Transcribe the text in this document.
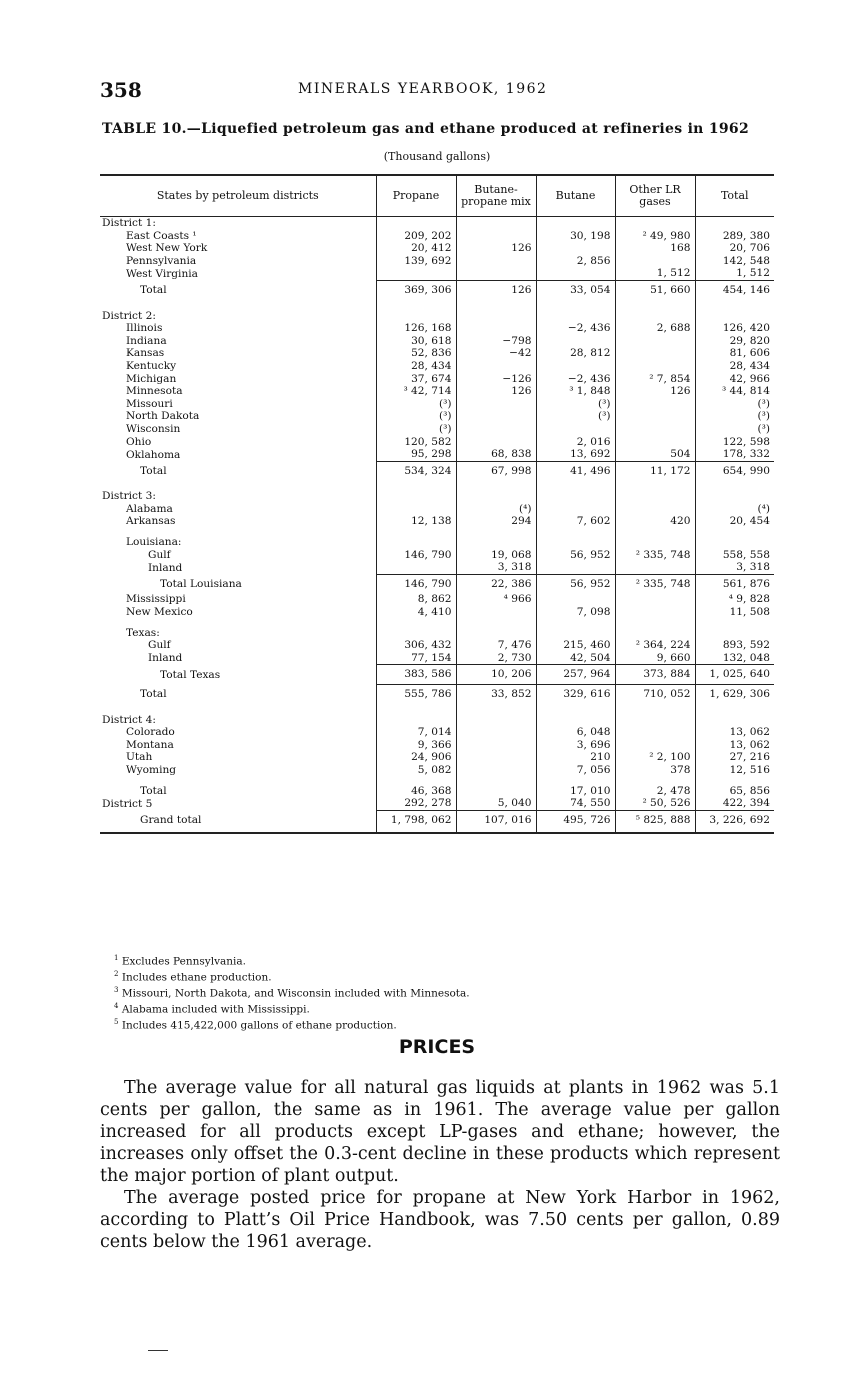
358	MINERALS YEARBOOK, 1962
TABLE 10.—Liquefied petroleum gas and ethane produced at refineries in 1962
(Thousand gallons)
States by petroleum districts	Propane	Butane-propane mix	Butane	Other LR gases	Total
District 1:					
East Coasts ¹	209, 202		30, 198	² 49, 980	289, 380
West New York	20, 412	126		168	20, 706
Pennsylvania	139, 692		2, 856		142, 548
West Virginia				1, 512	1, 512
Total	369, 306	126	33, 054	51, 660	454, 146
District 2:					
Illinois	126, 168		−2, 436	2, 688	126, 420
Indiana	30, 618	−798			29, 820
Kansas	52, 836	−42	28, 812		81, 606
Kentucky	28, 434				28, 434
Michigan	37, 674	−126	−2, 436	² 7, 854	42, 966
Minnesota	³ 42, 714	126	³ 1, 848	126	³ 44, 814
Missouri	(³)		(³)		(³)
North Dakota	(³)		(³)		(³)
Wisconsin	(³)				(³)
Ohio	120, 582		2, 016		122, 598
Oklahoma	95, 298	68, 838	13, 692	504	178, 332
Total	534, 324	67, 998	41, 496	11, 172	654, 990
District 3:					
Alabama		(⁴)			(⁴)
Arkansas	12, 138	294	7, 602	420	20, 454

Louisiana:					
Gulf	146, 790	19, 068	56, 952	² 335, 748	558, 558
Inland		3, 318			3, 318
Total Louisiana	146, 790	22, 386	56, 952	² 335, 748	561, 876
Mississippi	8, 862	⁴ 966			⁴ 9, 828
New Mexico	4, 410		7, 098		11, 508

Texas:					
Gulf	306, 432	7, 476	215, 460	² 364, 224	893, 592
Inland	77, 154	2, 730	42, 504	9, 660	132, 048
Total Texas	383, 586	10, 206	257, 964	373, 884	1, 025, 640
Total	555, 786	33, 852	329, 616	710, 052	1, 629, 306
District 4:					
Colorado	7, 014		6, 048		13, 062
Montana	9, 366		3, 696		13, 062
Utah	24, 906		210	² 2, 100	27, 216
Wyoming	5, 082		7, 056	378	12, 516

Total	46, 368		17, 010	2, 478	65, 856
District 5	292, 278	5, 040	74, 550	² 50, 526	422, 394
Grand total	1, 798, 062	107, 016	495, 726	⁵ 825, 888	3, 226, 692
$^1$ Excludes Pennsylvania.
$^2$ Includes ethane production.
$^3$ Missouri, North Dakota, and Wisconsin included with Minnesota.
$^4$ Alabama included with Mississippi.
$^5$ Includes 415,422,000 gallons of ethane production.
PRICES

The average value for all natural gas liquids at plants in 1962 was 5.1 cents per gallon, the same as in 1961. The average value per gallon increased for all products except LP-gases and ethane; however, the increases only offset the 0.3-cent decline in these products which represent the major portion of plant output.

The average posted price for propane at New York Harbor in 1962, according to Platt’s Oil Price Handbook, was 7.50 cents per gallon, 0.89 cents below the 1961 average.
